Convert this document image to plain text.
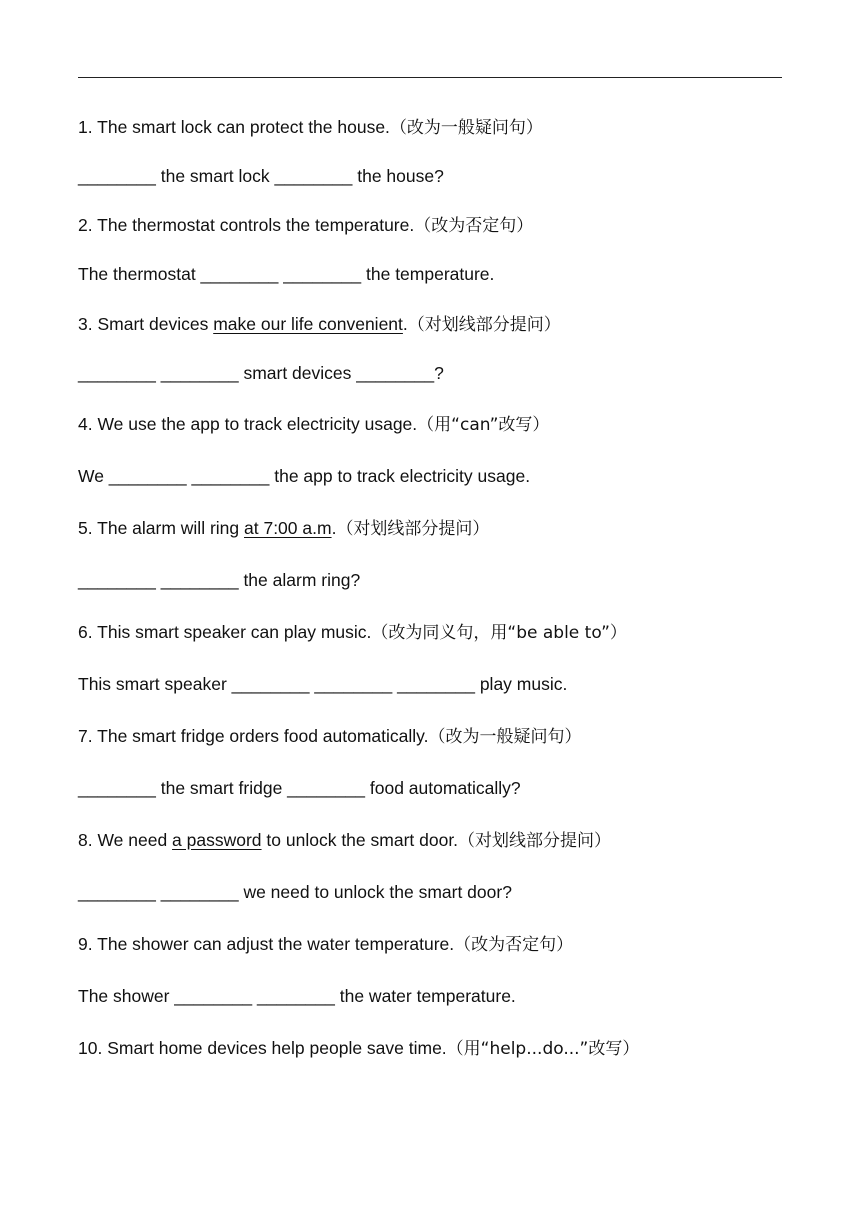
1. The smart lock can protect the house.（改为一般疑问句）
________ the smart lock ________ the house?
2. The thermostat controls the temperature.（改为否定句）
The thermostat ________ ________ the temperature.
3. Smart devices make our life convenient.（对划线部分提问）
________ ________ smart devices ________?
4. We use the app to track electricity usage.（用“can”改写）
We ________ ________ the app to track electricity usage.
5. The alarm will ring at 7:00 a.m.（对划线部分提问）
________ ________ the alarm ring?
6. This smart speaker can play music.（改为同义句，用“be able to”）
This smart speaker ________ ________ ________ play music.
7. The smart fridge orders food automatically.（改为一般疑问句）
________ the smart fridge ________ food automatically?
8. We need a password to unlock the smart door.（对划线部分提问）
________ ________ we need to unlock the smart door?
9. The shower can adjust the water temperature.（改为否定句）
The shower ________ ________ the water temperature.
10. Smart home devices help people save time.（用“help...do...”改写）
